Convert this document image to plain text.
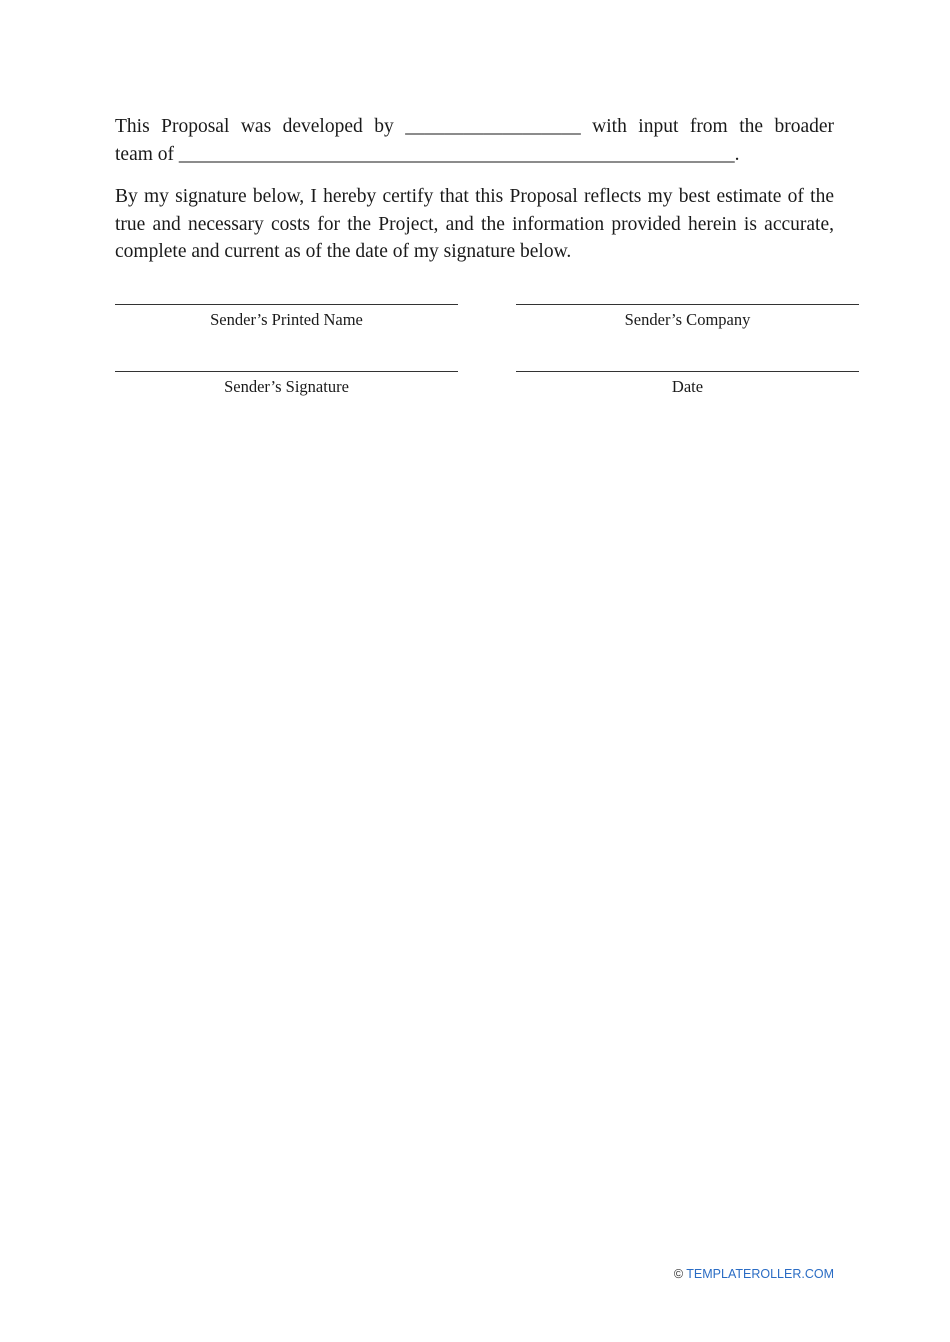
This Proposal was developed by __________________ with input from the broader
team of _________________________________________________________.

By my signature below, I hereby certify that this Proposal reflects my best estimate of the true and necessary costs for the Project, and the information provided herein is accurate, complete and current as of the date of my signature below.

Sender’s Printed Name	Sender’s Company
Sender’s Signature	Date
© TEMPLATEROLLER.COM
